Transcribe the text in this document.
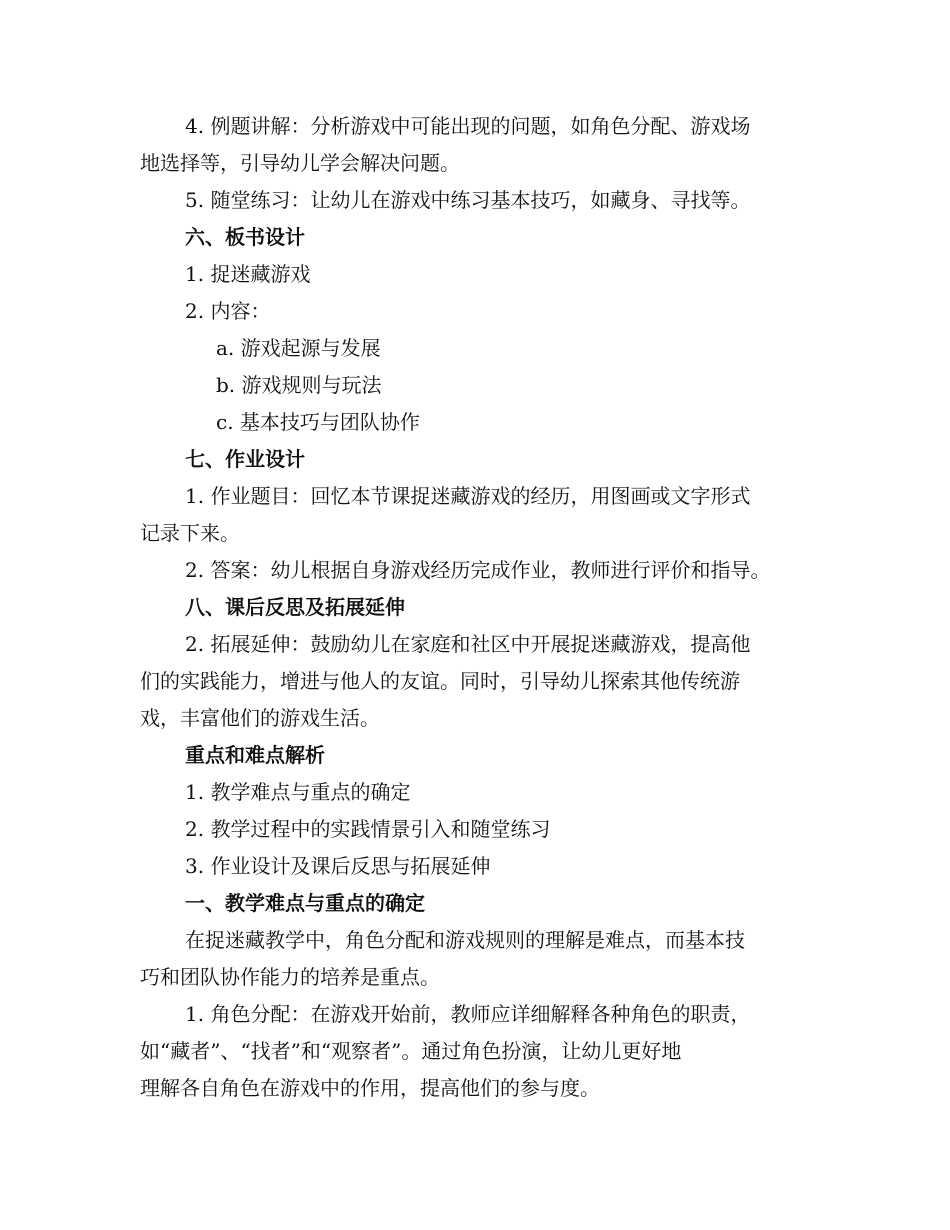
4. 例题讲解：分析游戏中可能出现的问题，如角色分配、游戏场
地选择等，引导幼儿学会解决问题。
5. 随堂练习：让幼儿在游戏中练习基本技巧，如藏身、寻找等。
六、板书设计
1. 捉迷藏游戏
2. 内容：
a. 游戏起源与发展
b. 游戏规则与玩法
c. 基本技巧与团队协作
七、作业设计
1. 作业题目：回忆本节课捉迷藏游戏的经历，用图画或文字形式
记录下来。
2. 答案：幼儿根据自身游戏经历完成作业，教师进行评价和指导。
八、课后反思及拓展延伸
2. 拓展延伸：鼓励幼儿在家庭和社区中开展捉迷藏游戏，提高他
们的实践能力，增进与他人的友谊。同时，引导幼儿探索其他传统游
戏，丰富他们的游戏生活。
重点和难点解析
1. 教学难点与重点的确定
2. 教学过程中的实践情景引入和随堂练习
3. 作业设计及课后反思与拓展延伸
一、教学难点与重点的确定
在捉迷藏教学中，角色分配和游戏规则的理解是难点，而基本技
巧和团队协作能力的培养是重点。
1. 角色分配：在游戏开始前，教师应详细解释各种角色的职责，
如“藏者”、“找者”和“观察者”。通过角色扮演，让幼儿更好地
理解各自角色在游戏中的作用，提高他们的参与度。
